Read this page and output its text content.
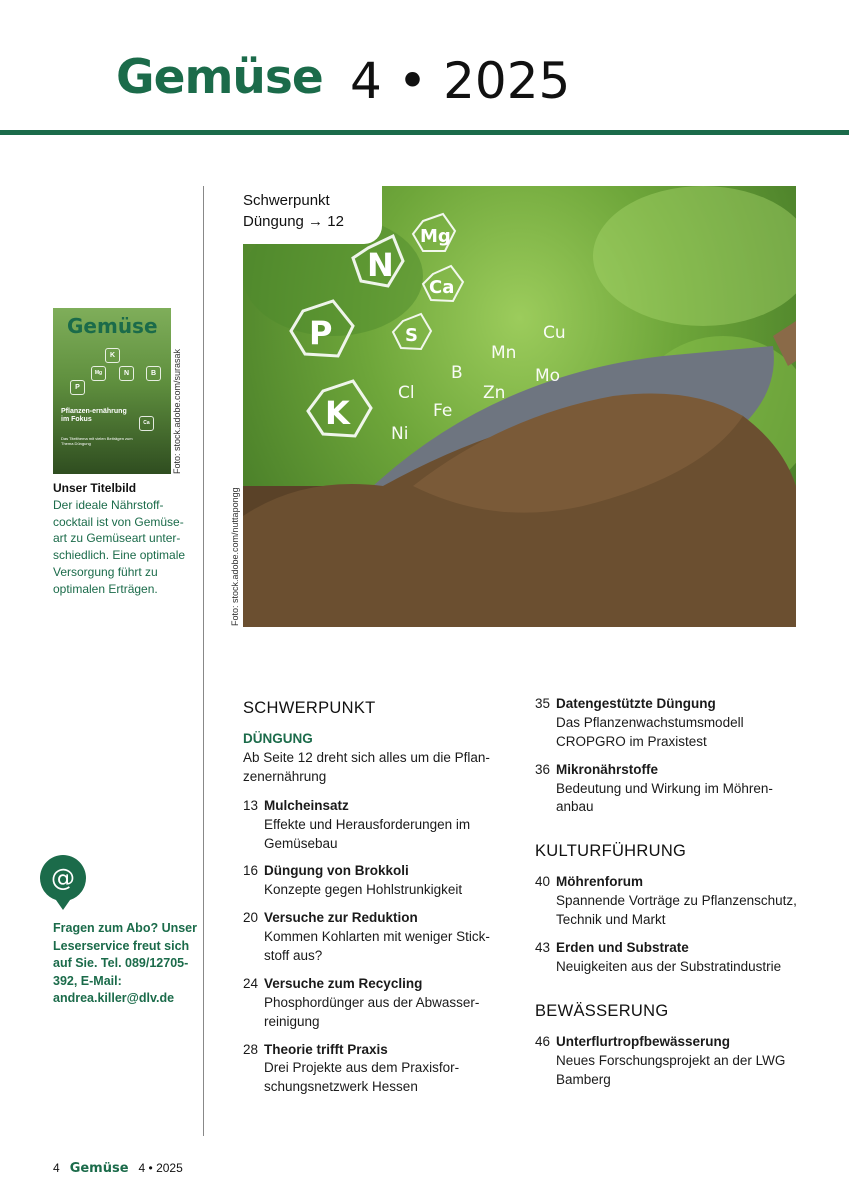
Gemüse 4 • 2025
Gemüse
K
Mg	N	B
P
Ca
Pflanzen-ernährung im Fokus
Das Titelthema mit vielen Beiträgen zum Thema Düngung	Foto: stock.adobe.com/surasak
Unser Titelbild
Der ideale Nährstoff-cocktail ist von Gemüse-art zu Gemüseart unter-schiedlich. Eine optimale Versorgung führt zu optimalen Erträgen.
@
Fragen zum Abo? Unser Leserservice freut sich auf Sie. Tel. 089/12705-392, E-Mail: andrea.killer@dlv.de
N
P
K
Mg
Ca
S	Cu
Mn
Mo
B
Zn
Cl
Fe
Ni
Schwerpunkt
Düngung → 12
Foto: stock.adobe.com/nuttapongg
SCHWERPUNKT
DÜNGUNG
Ab Seite 12 dreht sich alles um die Pflan-zenernährung
13 Mulcheinsatz
Effekte und Herausforderungen im Gemüsebau
16 Düngung von Brokkoli
Konzepte gegen Hohlstrunkigkeit
20 Versuche zur Reduktion
Kommen Kohlarten mit weniger Stick-stoff aus?
24 Versuche zum Recycling
Phosphordünger aus der Abwasser-reinigung
28 Theorie trifft Praxis
Drei Projekte aus dem Praxisfor-schungsnetzwerk Hessen
35 Datengestützte Düngung
Das Pflanzenwachstumsmodell CROPGRO im Praxistest
36 Mikronährstoffe
Bedeutung und Wirkung im Möhren-anbau
KULTURFÜHRUNG
40 Möhrenforum
Spannende Vorträge zu Pflanzenschutz, Technik und Markt
43 Erden und Substrate
Neuigkeiten aus der Substratindustrie
BEWÄSSERUNG
46 Unterflurtropfbewässerung
Neues Forschungsprojekt an der LWG Bamberg
4 Gemüse 4 • 2025
